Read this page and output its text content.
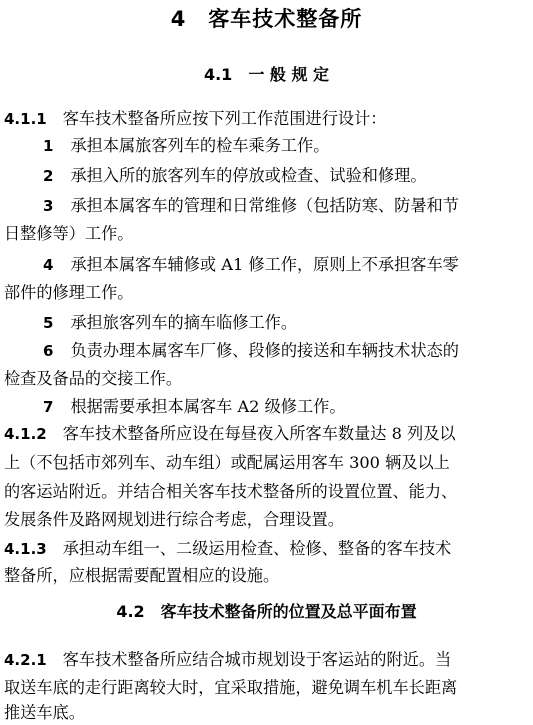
4　客车技术整备所
4.1　一 般 规 定
4.1.1 客车技术整备所应按下列工作范围进行设计：
1 承担本属旅客列车的检车乘务工作。
2 承担入所的旅客列车的停放或检查、试验和修理。
3 承担本属客车的管理和日常维修（包括防寒、防暑和节
日整修等）工作。
4 承担本属客车辅修或 A1 修工作，原则上不承担客车零
部件的修理工作。
5 承担旅客列车的摘车临修工作。
6 负责办理本属客车厂修、段修的接送和车辆技术状态的
检查及备品的交接工作。
7 根据需要承担本属客车 A2 级修工作。
4.1.2 客车技术整备所应设在每昼夜入所客车数量达 8 列及以
上（不包括市郊列车、动车组）或配属运用客车 300 辆及以上
的客运站附近。并结合相关客车技术整备所的设置位置、能力、
发展条件及路网规划进行综合考虑，合理设置。
4.1.3 承担动车组一、二级运用检查、检修、整备的客车技术
整备所，应根据需要配置相应的设施。
4.2　客车技术整备所的位置及总平面布置
4.2.1 客车技术整备所应结合城市规划设于客运站的附近。当
取送车底的走行距离较大时，宜采取措施，避免调车机车长距离
推送车底。
